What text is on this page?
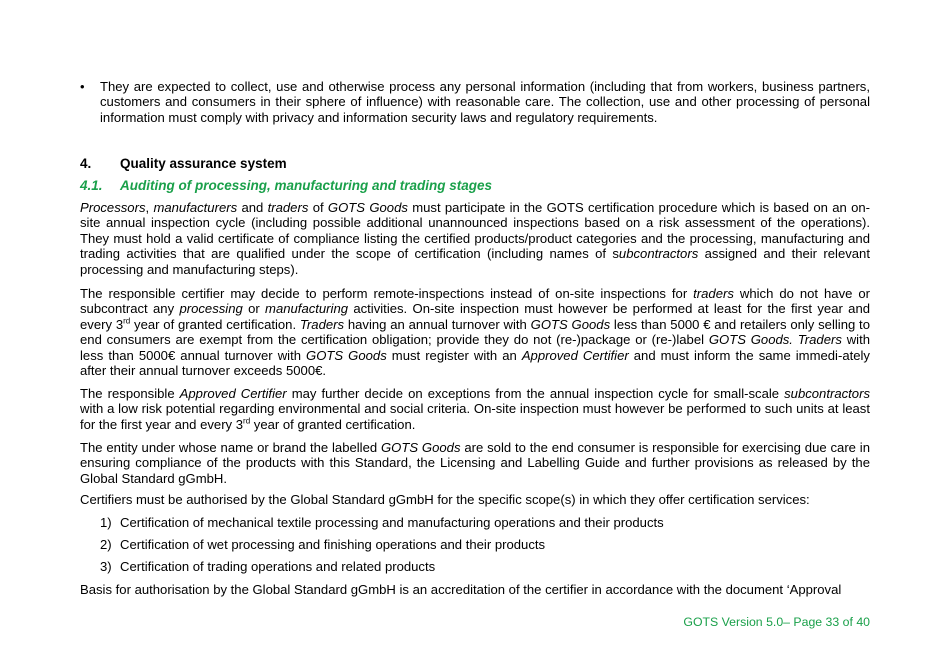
• They are expected to collect, use and otherwise process any personal information (including that from workers, business partners, customers and consumers in their sphere of influence) with reasonable care. The collection, use and other processing of personal information must comply with privacy and information security laws and regulatory requirements.

4. Quality assurance system
4.1. Auditing of processing, manufacturing and trading stages

Processors, manufacturers and traders of GOTS Goods must participate in the GOTS certification procedure which is based on an on-site annual inspection cycle (including possible additional unannounced inspections based on a risk assessment of the operations). They must hold a valid certificate of compliance listing the certified products/product categories and the processing, manufacturing and trading activities that are qualified under the scope of certification (including names of subcontractors assigned and their relevant processing and manufacturing steps).

The responsible certifier may decide to perform remote-inspections instead of on-site inspections for traders which do not have or subcontract any processing or manufacturing activities. On-site inspection must however be performed at least for the first year and every 3rd year of granted certification. Traders having an annual turnover with GOTS Goods less than 5000 € and retailers only selling to end consumers are exempt from the certification obligation; provide they do not (re-)package or (re-)label GOTS Goods. Traders with less than 5000€ annual turnover with GOTS Goods must register with an Approved Certifier and must inform the same immedi-ately after their annual turnover exceeds 5000€.

The responsible Approved Certifier may further decide on exceptions from the annual inspection cycle for small-scale subcontractors with a low risk potential regarding environmental and social criteria. On-site inspection must however be performed to such units at least for the first year and every 3rd year of granted certification.

The entity under whose name or brand the labelled GOTS Goods are sold to the end consumer is responsible for exercising due care in ensuring compliance of the products with this Standard, the Licensing and Labelling Guide and further provisions as released by the Global Standard gGmbH.

Certifiers must be authorised by the Global Standard gGmbH for the specific scope(s) in which they offer certification services:

1) Certification of mechanical textile processing and manufacturing operations and their products
2) Certification of wet processing and finishing operations and their products
3) Certification of trading operations and related products

Basis for authorisation by the Global Standard gGmbH is an accreditation of the certifier in accordance with the document ‘Approval

GOTS Version 5.0– Page 33 of 40
